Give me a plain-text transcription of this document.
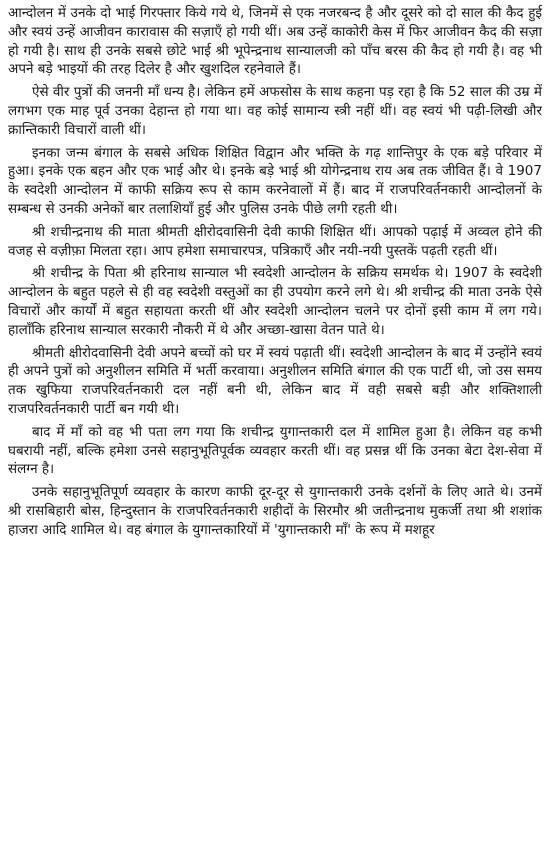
आन्दोलन में उनके दो भाई गिरफ्तार किये गये थे, जिनमें से एक नजरबन्द है और दूसरे को दो साल की कैद हुई और स्वयं उन्हें आजीवन कारावास की सज़ाएँ हो गयी थीं। अब उन्हें काकोरी केस में फिर आजीवन कैद की सज़ा हो गयी है। साथ ही उनके सबसे छोटे भाई श्री भूपेन्द्रनाथ सान्यालजी को पाँच बरस की कैद हो गयी है। वह भी अपने बड़े भाइयों की तरह दिलेर है और खुशदिल रहनेवाले हैं।

ऐसे वीर पुत्रों की जननी माँ धन्य है। लेकिन हमें अफसोस के साथ कहना पड़ रहा है कि 52 साल की उम्र में लगभग एक माह पूर्व उनका देहान्त हो गया था। वह कोई सामान्य स्त्री नहीं थीं। वह स्वयं भी पढ़ी-लिखी और क्रान्तिकारी विचारों वाली थीं।

इनका जन्म बंगाल के सबसे अधिक शिक्षित विद्वान और भक्ति के गढ़ शान्तिपुर के एक बड़े परिवार में हुआ। इनके एक बहन और एक भाई और थे। इनके बड़े भाई श्री योगेन्द्रनाथ राय अब तक जीवित हैं। वे 1907 के स्वदेशी आन्दोलन में काफी सक्रिय रूप से काम करनेवालों में हैं। बाद में राजपरिवर्तनकारी आन्दोलनों के सम्बन्ध से उनकी अनेकों बार तलाशियाँ हुई और पुलिस उनके पीछे लगी रहती थी।

श्री शचीन्द्रनाथ की माता श्रीमती क्षीरोदवासिनी देवी काफी शिक्षित थीं। आपको पढ़ाई में अव्वल होने की वजह से वज़ीफ़ा मिलता रहा। आप हमेशा समाचारपत्र, पत्रिकाएँ और नयी-नयी पुस्तकें पढ़ती रहती थीं।

श्री शचीन्द्र के पिता श्री हरिनाथ सान्याल भी स्वदेशी आन्दोलन के सक्रिय समर्थक थे। 1907 के स्वदेशी आन्दोलन के बहुत पहले से ही वह स्वदेशी वस्तुओं का ही उपयोग करने लगे थे। श्री शचीन्द्र की माता उनके ऐसे विचारों और कार्यों में बहुत सहायता करती थीं और स्वदेशी आन्दोलन चलने पर दोनों इसी काम में लग गये। हालाँकि हरिनाथ सान्याल सरकारी नौकरी में थे और अच्छा-खासा वेतन पाते थे।

श्रीमती क्षीरोदवासिनी देवी अपने बच्चों को घर में स्वयं पढ़ाती थीं। स्वदेशी आन्दोलन के बाद में उन्होंने स्वयं ही अपने पुत्रों को अनुशीलन समिति में भर्ती करवाया। अनुशीलन समिति बंगाल की एक पार्टी थी, जो उस समय तक खुफिया राजपरिवर्तनकारी दल नहीं बनी थी, लेकिन बाद में वही सबसे बड़ी और शक्तिशाली राजपरिवर्तनकारी पार्टी बन गयी थी।

बाद में माँ को वह भी पता लग गया कि शचीन्द्र युगान्तकारी दल में शामिल हुआ है। लेकिन वह कभी घबरायी नहीं, बल्कि हमेशा उनसे सहानुभूतिपूर्वक व्यवहार करती थीं। वह प्रसन्न थीं कि उनका बेटा देश-सेवा में संलग्न है।

उनके सहानुभूतिपूर्ण व्यवहार के कारण काफी दूर-दूर से युगान्तकारी उनके दर्शनों के लिए आते थे। उनमें श्री रासबिहारी बोस, हिन्दुस्तान के राजपरिवर्तनकारी शहीदों के सिरमौर श्री जतीन्द्रनाथ मुकर्जी तथा श्री शशांक हाजरा आदि शामिल थे। वह बंगाल के युगान्तकारियों में 'युगान्तकारी माँ' के रूप में मशहूर
